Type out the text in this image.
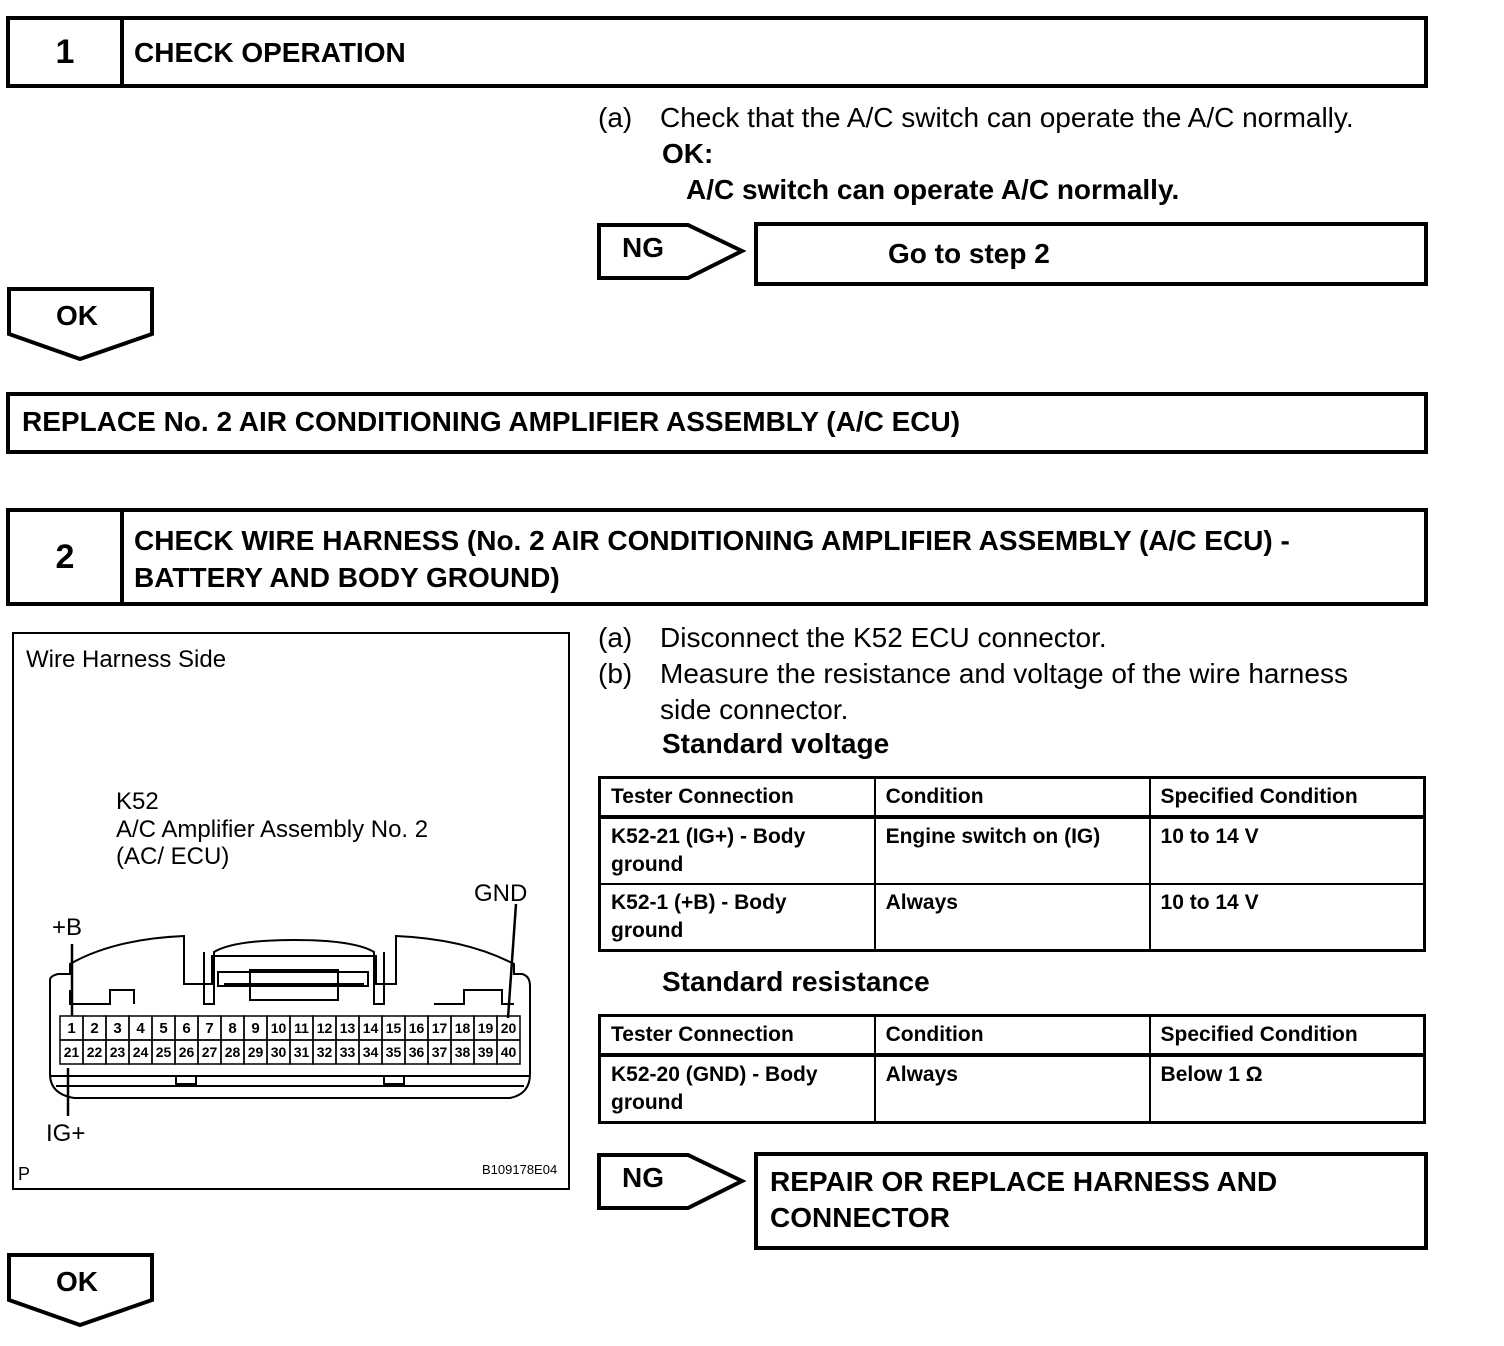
1	CHECK OPERATION
(a) Check that the A/C switch can operate the A/C normally.
OK:
A/C switch can operate A/C normally.
NG	Go to step 2
OK
REPLACE No. 2 AIR CONDITIONING AMPLIFIER ASSEMBLY (A/C ECU)
2	CHECK WIRE HARNESS (No. 2 AIR CONDITIONING AMPLIFIER ASSEMBLY (A/C ECU) -
BATTERY AND BODY GROUND)
(a) Disconnect the K52 ECU connector.
(b) Measure the resistance and voltage of the wire harness
side connector.
Standard voltage
Tester Connection	Condition	Specified Condition
K52-21 (IG+) - Body
ground	Engine switch on (IG)	10 to 14 V
K52-1 (+B) - Body
ground	Always	10 to 14 V
Standard resistance
Tester Connection	Condition	Specified Condition
K52-20 (GND) - Body
ground	Always	Below 1 Ω
NG	REPAIR OR REPLACE HARNESS AND
CONNECTOR
OK
Wire Harness Side
K52
A/C Amplifier Assembly No. 2
(AC/ ECU)
GND
+B
IG+
P	B109178E04
1 2 3 4 5 6 7 8 9 10 11 12 13 14 15 16 17 18 19 20
21 22 23 24 25 26 27 28 29 30 31 32 33 34 35 36 37 38 39 40
